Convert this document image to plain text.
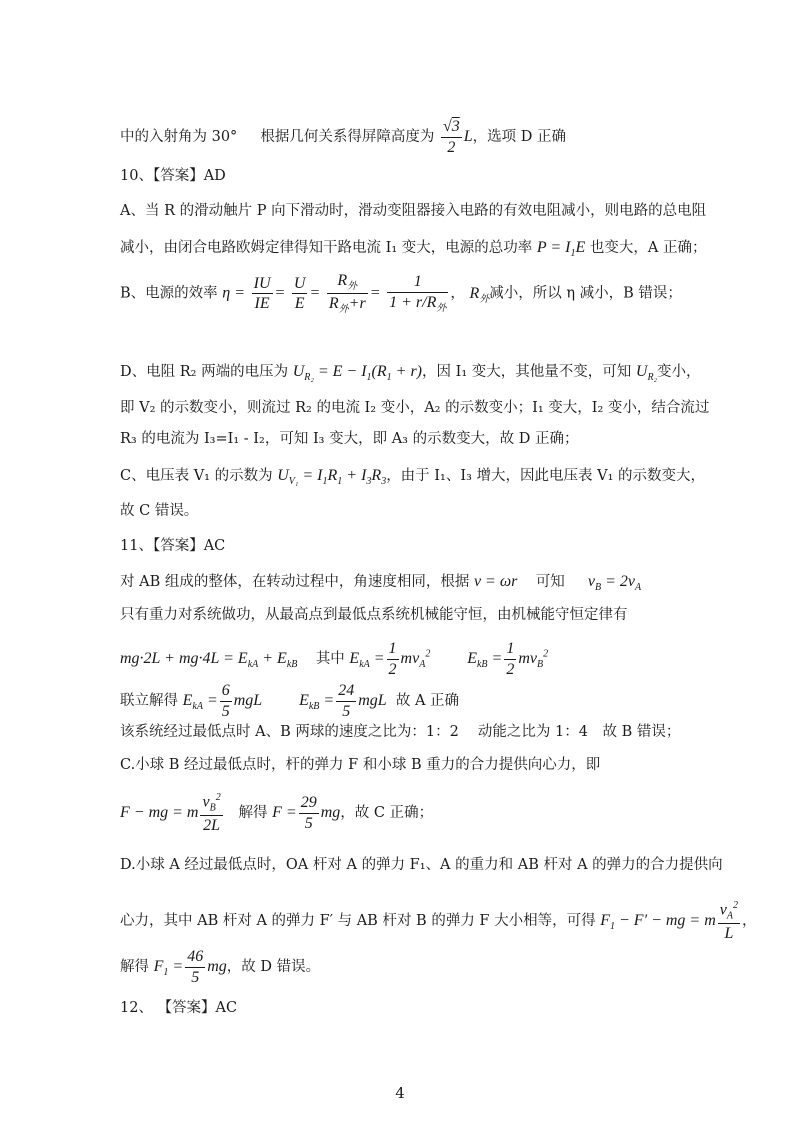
中的入射角为 30° 根据几何关系得屏障高度为 $\frac{√3}{2}$ L，选项 D 正确
10、【答案】AD
A、当 R 的滑动触片 P 向下滑动时，滑动变阻器接入电路的有效电阻减小，则电路的总电阻
减小，由闭合电路欧姆定律得知干路电流 I₁ 变大，电源的总功率 $P = I_1E$ 也变大，A 正确；
B、电源的效率 $\eta = \frac{IU}{IE} = \frac{U}{E} = \frac{R_外}{R_外+r} = \frac{1}{1 + r/R_外}$ ， $R_外$减小，所以 η 减小，B 错误；
D、电阻 R₂ 两端的电压为 $U_{R_2} = E - I_1(R_1 + r)$，因 I₁ 变大，其他量不变，可知 $U_{R_2}$变小，
即 V₂ 的示数变小，则流过 R₂ 的电流 I₂ 变小，A₂ 的示数变小；I₁ 变大，I₂ 变小，结合流过
R₃ 的电流为 I₃=I₁ - I₂，可知 I₃ 变大，即 A₃ 的示数变大，故 D 正确；
C、电压表 V₁ 的示数为 $U_{V_1} = I_1R_1 + I_3R_3$，由于 I₁、I₃ 增大，因此电压表 V₁ 的示数变大，
故 C 错误。
11、【答案】AC
对 AB 组成的整体，在转动过程中，角速度相同，根据 v = ωr 可知 $v_B = 2v_A$
只有重力对系统做功，从最高点到最低点系统机械能守恒，由机械能守恒定律有
$mg\cdot 2L + mg\cdot 4L = E_{kA} + E_{kB}$ 其中 $E_{kA} = \frac{1}{2} mv_A^2$ $E_{kB} = \frac{1}{2} mv_B^2$
联立解得 $E_{kA} = \frac{6}{5}$ mgL $E_{kB} = \frac{24}{5}$ mgL 故 A 正确
该系统经过最低点时 A、B 两球的速度之比为：1：2　 动能之比为 1：4　故 B 错误；
C.小球 B 经过最低点时，杆的弹力 F 和小球 B 重力的合力提供向心力，即
F − mg = m $\frac{v_B^2}{2L}$ 解得 $F = \frac{29}{5}$ mg，故 C 正确；
D.小球 A 经过最低点时，OA 杆对 A 的弹力 F₁、A 的重力和 AB 杆对 A 的弹力的合力提供向
心力，其中 AB 杆对 A 的弹力 F′ 与 AB 杆对 B 的弹力 F 大小相等，可得 $F_1 - F'$ − mg = m $\frac{v_A^2}{L}$ ，
解得 $F_1 = \frac{46}{5}$ mg，故 D 错误。
12、 【答案】AC
4
